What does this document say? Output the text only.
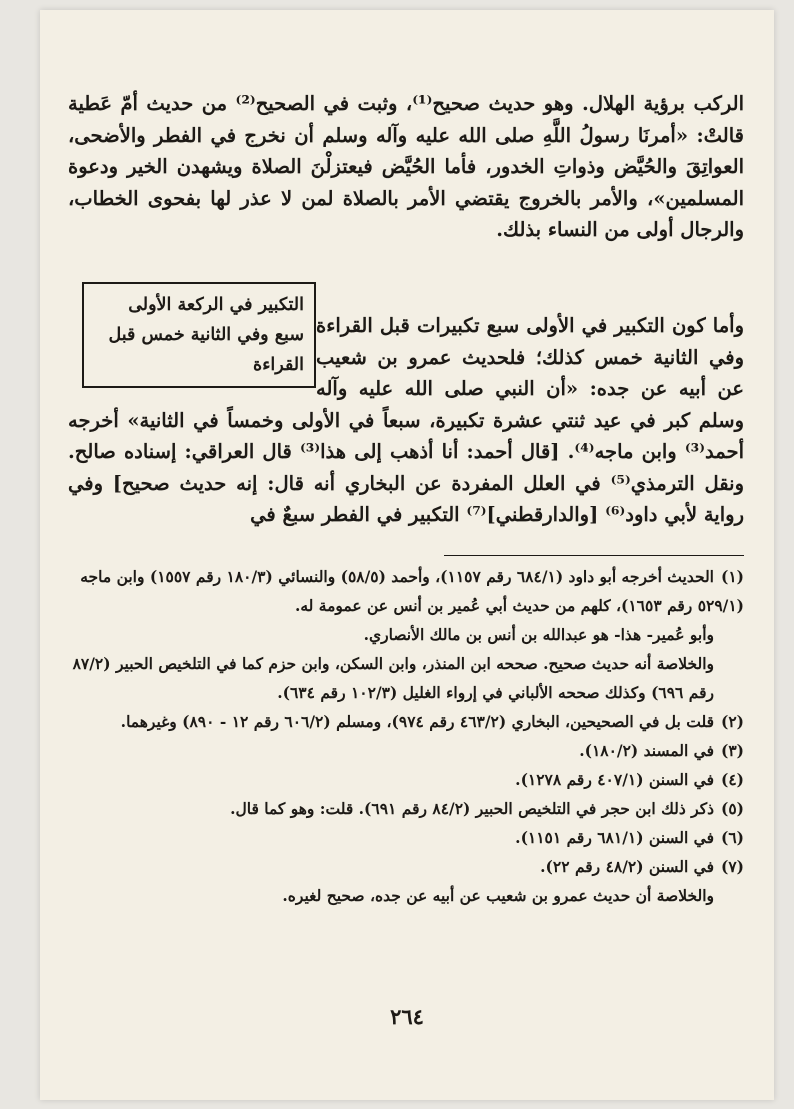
الركب برؤية الهلال. وهو حديث صحيح⁽¹⁾، وثبت في الصحيح⁽²⁾ من حديث أمّ عَطية قالتْ: «أمرنَا رسولُ اللَّهِ صلى الله عليه وآله وسلم أن نخرج في الفطر والأضحى، العواتِقَ والحُيَّض وذواتِ الخدور، فأما الحُيَّض فيعتزلْنَ الصلاة ويشهدن الخير ودعوة المسلمين»، والأمر بالخروج يقتضي الأمر بالصلاة لمن لا عذر لها بفحوى الخطاب، والرجال أولى من النساء بذلك.

التكبير في الركعة الأولى سبع وفي الثانية خمس قبل القراءة
وأما كون التكبير في الأولى سبع تكبيرات قبل القراءة وفي الثانية خمس كذلك؛ فلحديث عمرو بن شعيب عن أبيه عن جده: «أن النبي صلى الله عليه وآله وسلم كبر في عيد ثنتي عشرة تكبيرة، سبعاً في الأولى وخمساً في الثانية» أخرجه أحمد⁽³⁾ وابن ماجه⁽⁴⁾. [قال أحمد: أنا أذهب إلى هذا⁽³⁾ قال العراقي: إسناده صالح. ونقل الترمذي⁽⁵⁾ في العلل المفردة عن البخاري أنه قال: إنه حديث صحيح] وفي رواية لأبي داود⁽⁶⁾ [والدارقطني]⁽⁷⁾ التكبير في الفطر سبعٌ في

(١)الحديث أخرجه أبو داود (٦٨٤/١ رقم ١١٥٧)، وأحمد (٥٨/٥) والنسائي (١٨٠/٣ رقم ١٥٥٧) وابن ماجه (٥٢٩/١ رقم ١٦٥٣)، كلهم من حديث أبي عُمير بن أنس عن عمومة له.

وأبو عُمير- هذا- هو عبدالله بن أنس بن مالك الأنصاري.

والخلاصة أنه حديث صحيح. صححه ابن المنذر، وابن السكن، وابن حزم كما في التلخيص الحبير (٨٧/٢ رقم ٦٩٦) وكذلك صححه الألباني في إرواء الغليل (١٠٢/٣ رقم ٦٣٤).

(٢)قلت بل في الصحيحين، البخاري (٤٦٣/٢ رقم ٩٧٤)، ومسلم (٦٠٦/٢ رقم ١٢ - ٨٩٠) وغيرهما.

(٣)في المسند (١٨٠/٢).

(٤)في السنن (٤٠٧/١ رقم ١٢٧٨).

(٥)ذكر ذلك ابن حجر في التلخيص الحبير (٨٤/٢ رقم ٦٩١). قلت: وهو كما قال.

(٦)في السنن (٦٨١/١ رقم ١١٥١).

(٧)في السنن (٤٨/٢ رقم ٢٢).

والخلاصة أن حديث عمرو بن شعيب عن أبيه عن جده، صحيح لغيره.

٢٦٤
